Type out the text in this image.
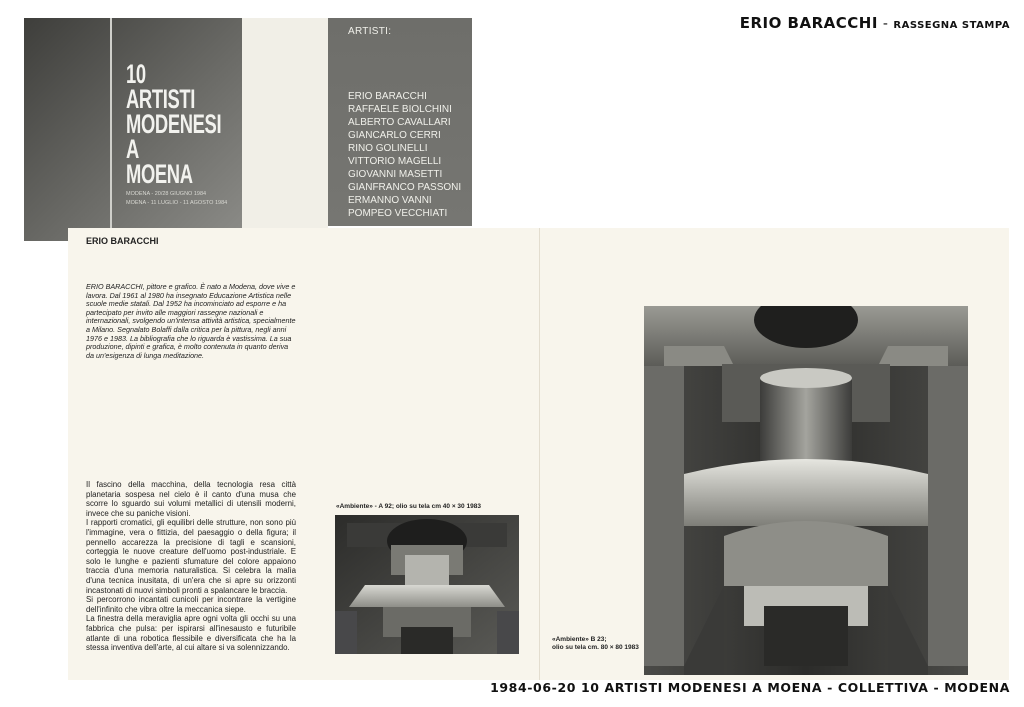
ERIO BARACCHI - RASSEGNA STAMPA
10 ARTISTI
MODENESI
A MOENA
MODENA - 20/28 GIUGNO 1984
MOENA - 11 LUGLIO - 11 AGOSTO 1984
ARTISTI:
ERIO BARACCHI
RAFFAELE BIOLCHINI
ALBERTO CAVALLARI
GIANCARLO CERRI
RINO GOLINELLI
VITTORIO MAGELLI
GIOVANNI MASETTI
GIANFRANCO PASSONI
ERMANNO VANNI
POMPEO VECCHIATI
ERIO BARACCHI

ERIO BARACCHI, pittore e grafico. È nato a Modena, dove vive e lavora. Dal 1961 al 1980 ha insegnato Educazione Artistica nelle scuole medie statali. Dal 1952 ha incominciato ad esporre e ha partecipato per invito alle maggiori rassegne nazionali e internazionali, svolgendo un'intensa attività artistica, specialmente a Milano. Segnalato Bolaffi dalla critica per la pittura, negli anni 1976 e 1983. La bibliografia che lo riguarda è vastissima. La sua produzione, dipinti e grafica, è molto contenuta in quanto deriva da un'esigenza di lunga meditazione.

Il fascino della macchina, della tecnologia resa città planetaria sospesa nel cielo è il canto d'una musa che scorre lo sguardo sui volumi metallici di utensili moderni, invece che su paniche visioni.

I rapporti cromatici, gli equilibri delle strutture, non sono più l'immagine, vera o fittizia, del paesaggio o della figura; il pennello accarezza la precisione di tagli e scansioni, corteggia le nuove creature dell'uomo post-industriale. E solo le lunghe e pazienti sfumature del colore appaiono traccia d'una memoria naturalistica. Si celebra la malìa d'una tecnica inusitata, di un'era che si apre su orizzonti incastonati di nuovi simboli pronti a spalancare le braccia.

Si percorrono incantati cunicoli per incontrare la vertigine dell'infinito che vibra oltre la meccanica siepe.

La finestra della meraviglia apre ogni volta gli occhi su una fabbrica che pulsa: per ispirarsi all'inesausto e futuribile atlante di una robotica flessibile e diversificata che ha la stessa inventiva dell'arte, al cui altare si va solennizzando.

«Ambiente» - A 92; olio su tela cm 40 × 30 1983
«Ambiente» B 23;
olio su tela cm. 80 × 80 1983
1984-06-20 10 ARTISTI MODENESI A MOENA - COLLETTIVA - MODENA
